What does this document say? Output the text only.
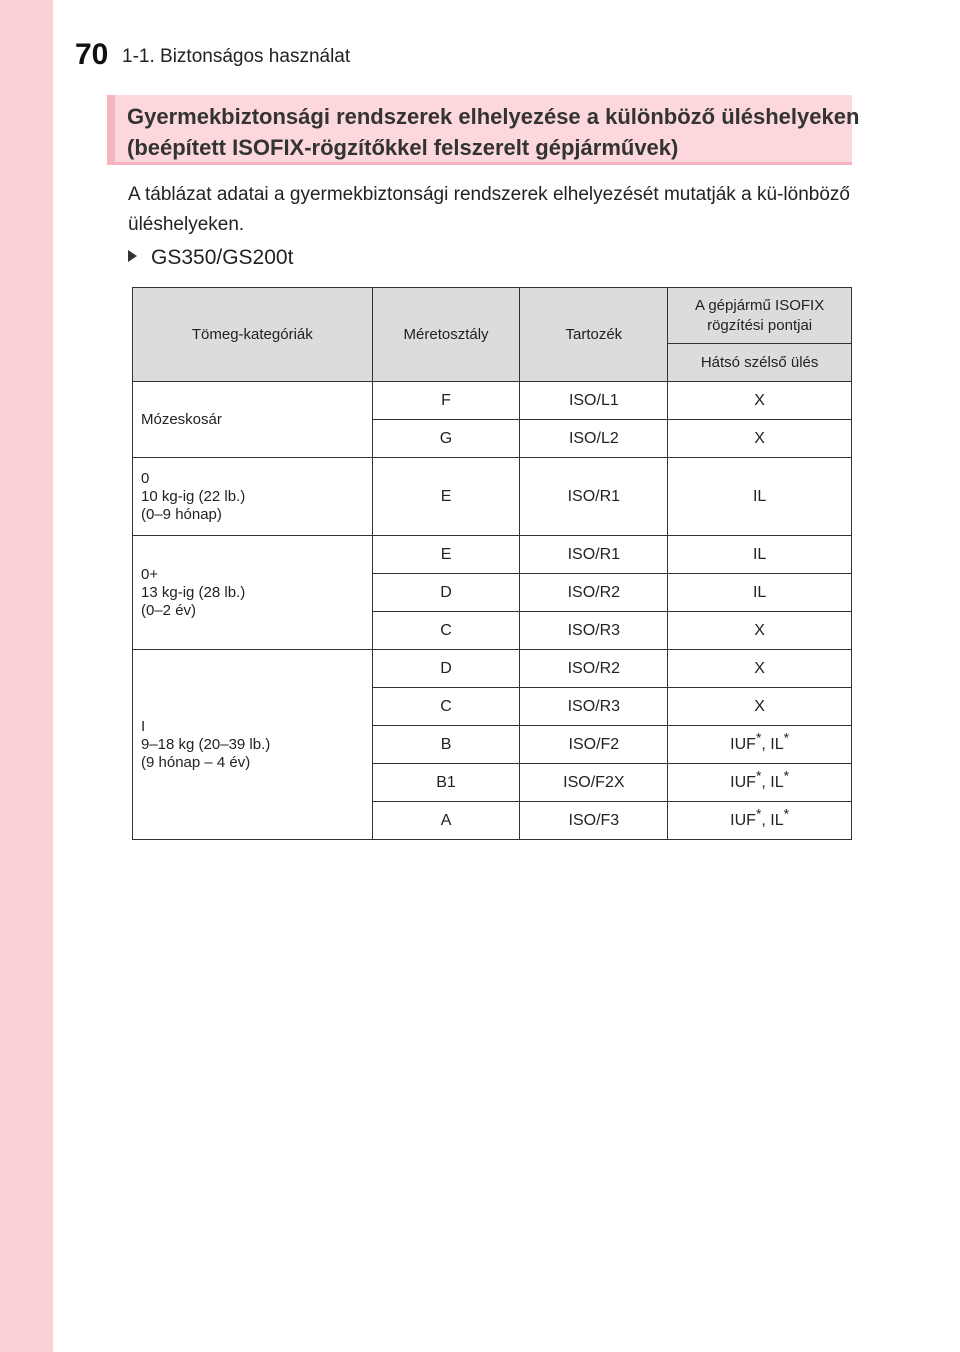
70 1-1. Biztonságos használat
Gyermekbiztonsági rendszerek elhelyezése a különböző üléshelyeken
(beépített ISOFIX-rögzítőkkel felszerelt gépjárművek)
A táblázat adatai a gyermekbiztonsági rendszerek elhelyezését mutatják a kü-lönböző üléshelyeken.
GS350/GS200t
Tömeg-kategóriák	Méretosztály	Tartozék	A gépjármű ISOFIX rögzítési pontjai
			Hátsó szélső ülés
Mózeskosár	F	ISO/L1	X
	G	ISO/L2	X

0
10 kg-ig (22 lb.)
(0–9 hónap)	E	ISO/R1	IL

0+
13 kg-ig (28 lb.)
(0–2 év)	E	ISO/R1	IL
	D	ISO/R2	IL
	C	ISO/R3	X

I
9–18 kg (20–39 lb.)
(9 hónap – 4 év)	D	ISO/R2	X
	C	ISO/R3	X
	B	ISO/F2	IUF*, IL*
	B1	ISO/F2X	IUF*, IL*
	A	ISO/F3	IUF*, IL*
